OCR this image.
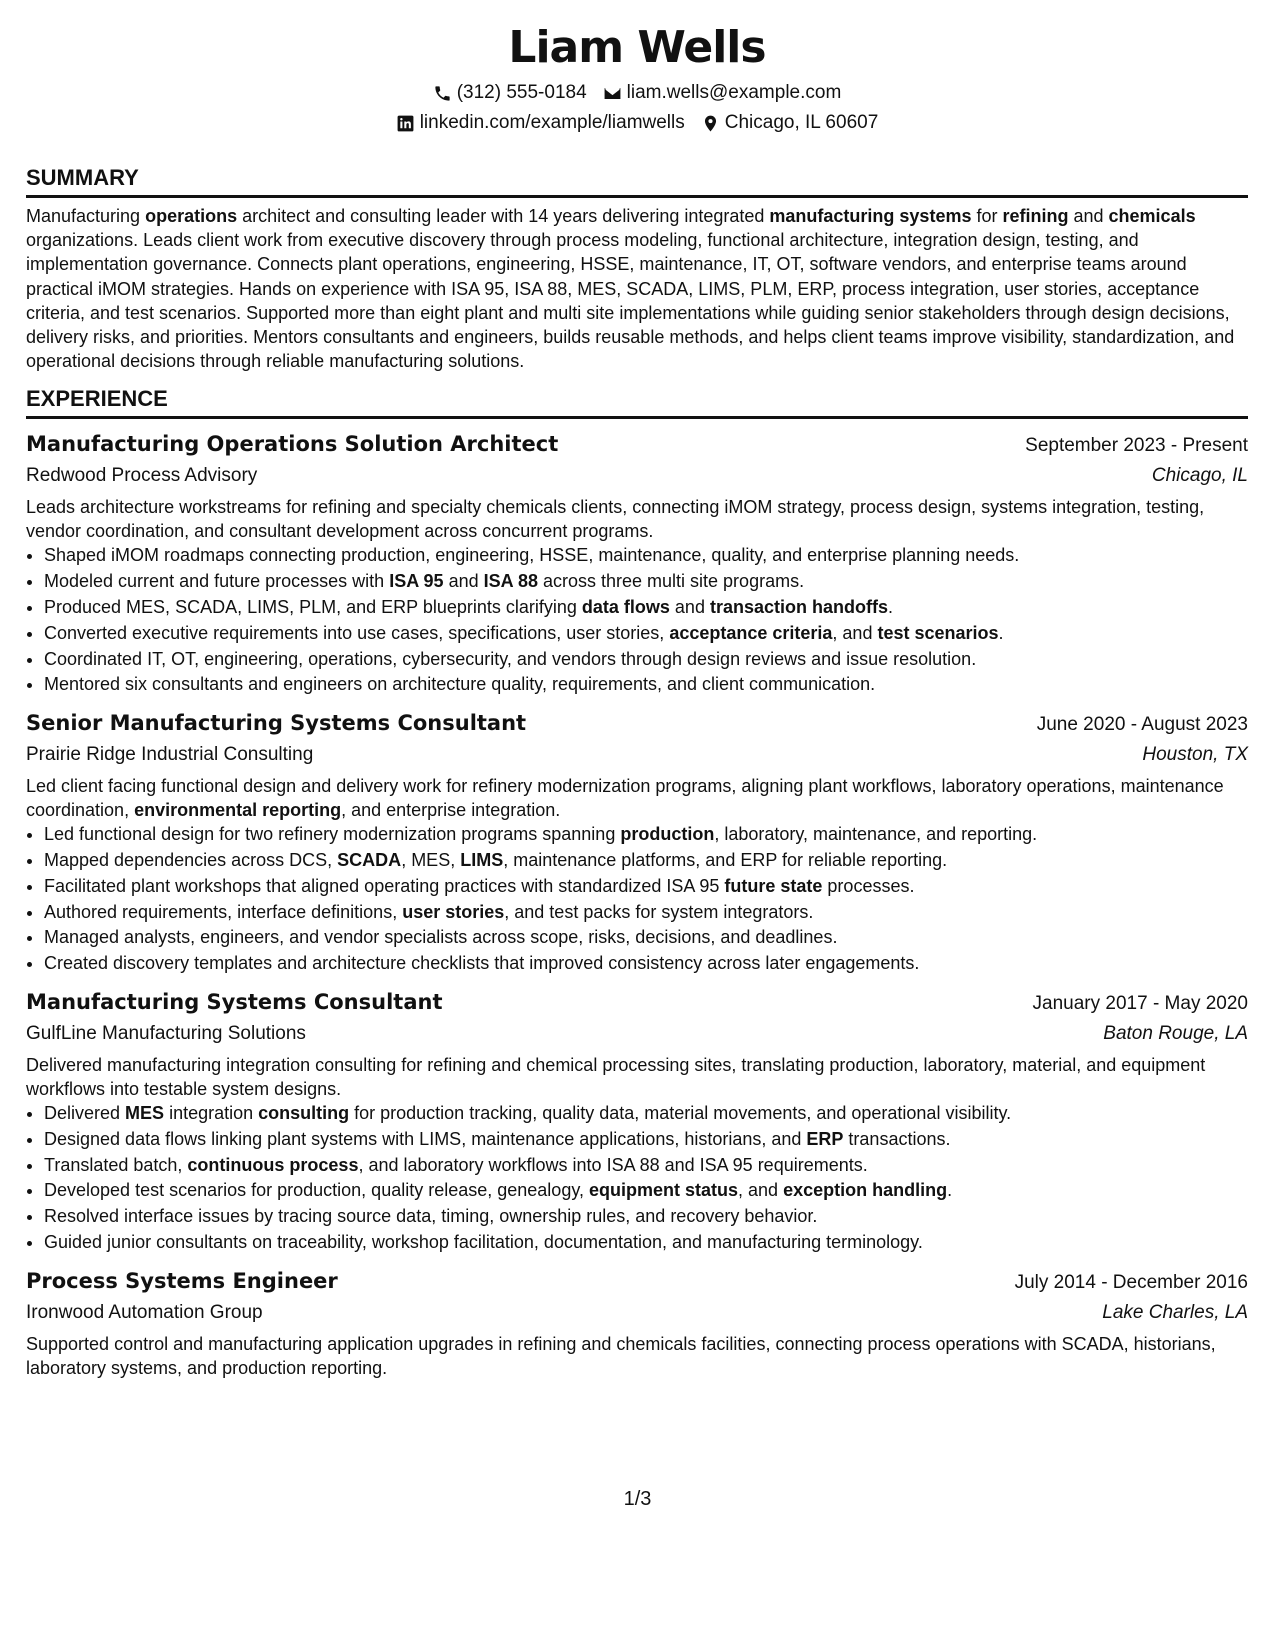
Liam Wells
(312) 555-0184 liam.wells@example.com
linkedin.com/example/liamwells Chicago, IL 60607
SUMMARY

Manufacturing operations architect and consulting leader with 14 years delivering integrated manufacturing systems for refining and chemicals organizations. Leads client work from executive discovery through process modeling, functional architecture, integration design, testing, and implementation governance. Connects plant operations, engineering, HSSE, maintenance, IT, OT, software vendors, and enterprise teams around practical iMOM strategies. Hands on experience with ISA 95, ISA 88, MES, SCADA, LIMS, PLM, ERP, process integration, user stories, acceptance criteria, and test scenarios. Supported more than eight plant and multi site implementations while guiding senior stakeholders through design decisions, delivery risks, and priorities. Mentors consultants and engineers, builds reusable methods, and helps client teams improve visibility, standardization, and operational decisions through reliable manufacturing solutions.

EXPERIENCE
Manufacturing Operations Solution Architect	September 2023 - Present
Redwood Process Advisory	Chicago, IL

Leads architecture workstreams for refining and specialty chemicals clients, connecting iMOM strategy, process design, systems integration, testing, vendor coordination, and consultant development across concurrent programs.

• Shaped iMOM roadmaps connecting production, engineering, HSSE, maintenance, quality, and enterprise planning needs.
• Modeled current and future processes with ISA 95 and ISA 88 across three multi site programs.
• Produced MES, SCADA, LIMS, PLM, and ERP blueprints clarifying data flows and transaction handoffs.
• Converted executive requirements into use cases, specifications, user stories, acceptance criteria, and test scenarios.
• Coordinated IT, OT, engineering, operations, cybersecurity, and vendors through design reviews and issue resolution.
• Mentored six consultants and engineers on architecture quality, requirements, and client communication.
Senior Manufacturing Systems Consultant	June 2020 - August 2023
Prairie Ridge Industrial Consulting	Houston, TX

Led client facing functional design and delivery work for refinery modernization programs, aligning plant workflows, laboratory operations, maintenance coordination, environmental reporting, and enterprise integration.

• Led functional design for two refinery modernization programs spanning production, laboratory, maintenance, and reporting.
• Mapped dependencies across DCS, SCADA, MES, LIMS, maintenance platforms, and ERP for reliable reporting.
• Facilitated plant workshops that aligned operating practices with standardized ISA 95 future state processes.
• Authored requirements, interface definitions, user stories, and test packs for system integrators.
• Managed analysts, engineers, and vendor specialists across scope, risks, decisions, and deadlines.
• Created discovery templates and architecture checklists that improved consistency across later engagements.
Manufacturing Systems Consultant	January 2017 - May 2020
GulfLine Manufacturing Solutions	Baton Rouge, LA

Delivered manufacturing integration consulting for refining and chemical processing sites, translating production, laboratory, material, and equipment workflows into testable system designs.

• Delivered MES integration consulting for production tracking, quality data, material movements, and operational visibility.
• Designed data flows linking plant systems with LIMS, maintenance applications, historians, and ERP transactions.
• Translated batch, continuous process, and laboratory workflows into ISA 88 and ISA 95 requirements.
• Developed test scenarios for production, quality release, genealogy, equipment status, and exception handling.
• Resolved interface issues by tracing source data, timing, ownership rules, and recovery behavior.
• Guided junior consultants on traceability, workshop facilitation, documentation, and manufacturing terminology.
Process Systems Engineer	July 2014 - December 2016
Ironwood Automation Group	Lake Charles, LA

Supported control and manufacturing application upgrades in refining and chemicals facilities, connecting process operations with SCADA, historians, laboratory systems, and production reporting.

1/3
